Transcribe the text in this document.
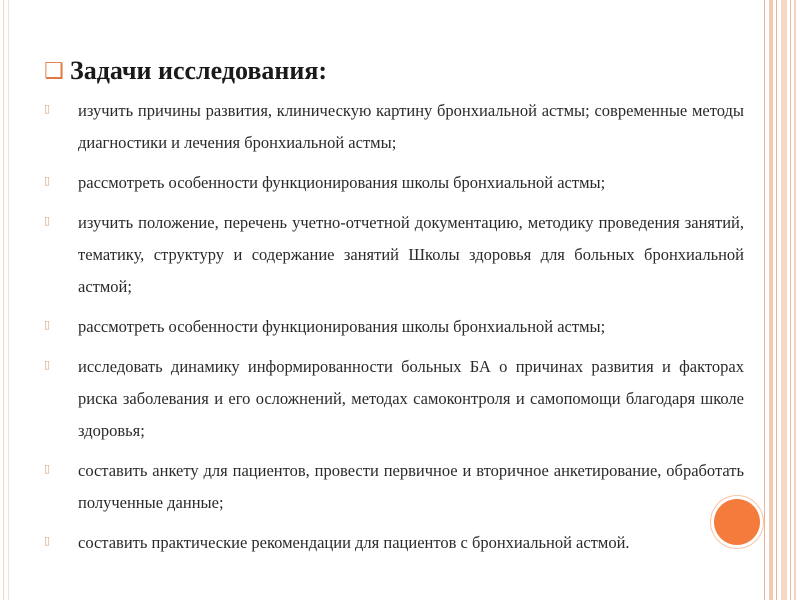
❑ Задачи исследования:
▯	изучить причины развития, клиническую картину бронхиальной астмы; современные методы диагностики и лечения бронхиальной астмы;
▯	рассмотреть особенности функционирования школы бронхиальной астмы;
▯	изучить положение, перечень учетно-отчетной документацию, методику проведения занятий, тематику, структуру и содержание занятий Школы здоровья для больных бронхиальной астмой;
▯	рассмотреть особенности функционирования школы бронхиальной астмы;
▯	исследовать динамику информированности больных БА о причинах развития и факторах риска заболевания и его осложнений, методах самоконтроля и самопомощи благодаря школе здоровья;
▯	составить анкету для пациентов, провести первичное и вторичное анкетирование, обработать полученные данные;
▯	составить практические рекомендации для пациентов с бронхиальной астмой.
